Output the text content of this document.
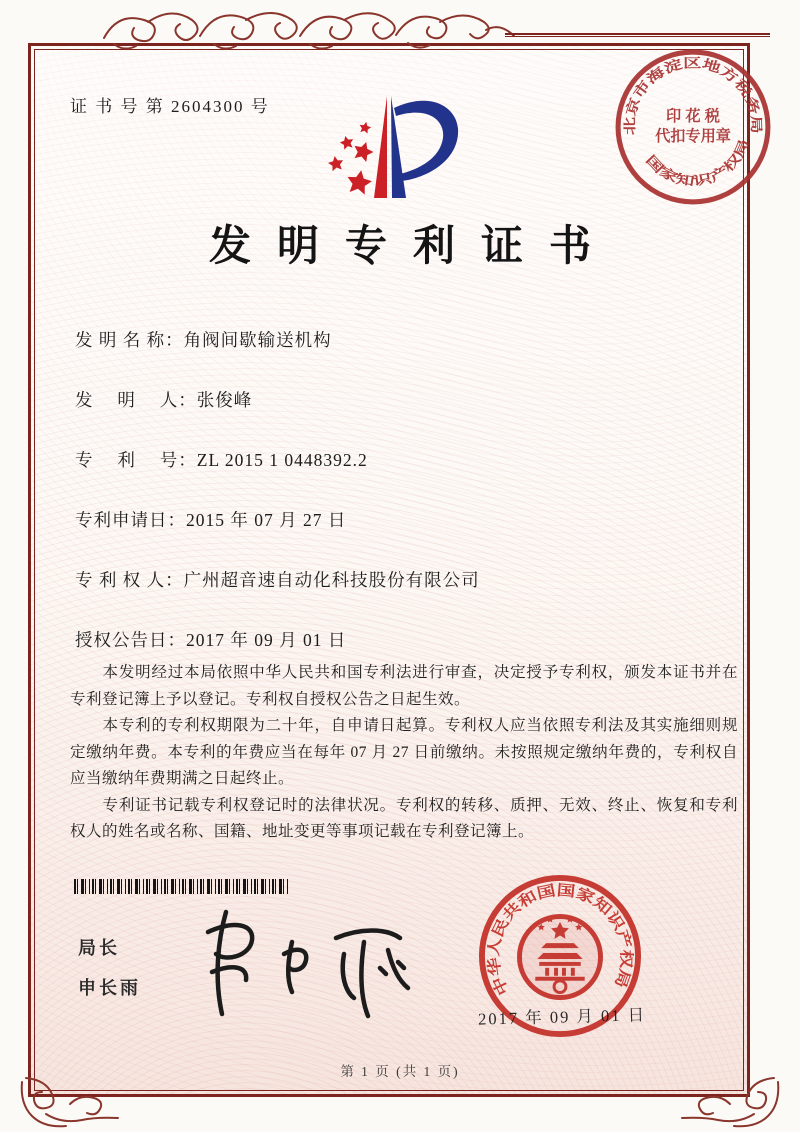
证 书 号 第 2604300 号
北京市海淀区地方税务局
国家知识产权局
印 花 税
代扣专用章
发明专利证书
发 明 名 称：角阀间歇输送机构
发　 明　 人：张俊峰
专　 利　 号：ZL 2015 1 0448392.2
专利申请日：2015 年 07 月 27 日
专 利 权 人：广州超音速自动化科技股份有限公司
授权公告日：2017 年 09 月 01 日

本发明经过本局依照中华人民共和国专利法进行审查，决定授予专利权，颁发本证书并在专利登记簿上予以登记。专利权自授权公告之日起生效。

本专利的专利权期限为二十年，自申请日起算。专利权人应当依照专利法及其实施细则规定缴纳年费。本专利的年费应当在每年 07 月 27 日前缴纳。未按照规定缴纳年费的，专利权自应当缴纳年费期满之日起终止。

专利证书记载专利权登记时的法律状况。专利权的转移、质押、无效、终止、恢复和专利权人的姓名或名称、国籍、地址变更等事项记载在专利登记簿上。

局长
申长雨	中华人民共和国国家知识产权局
2017 年 09 月 01 日
第 1 页 (共 1 页)
